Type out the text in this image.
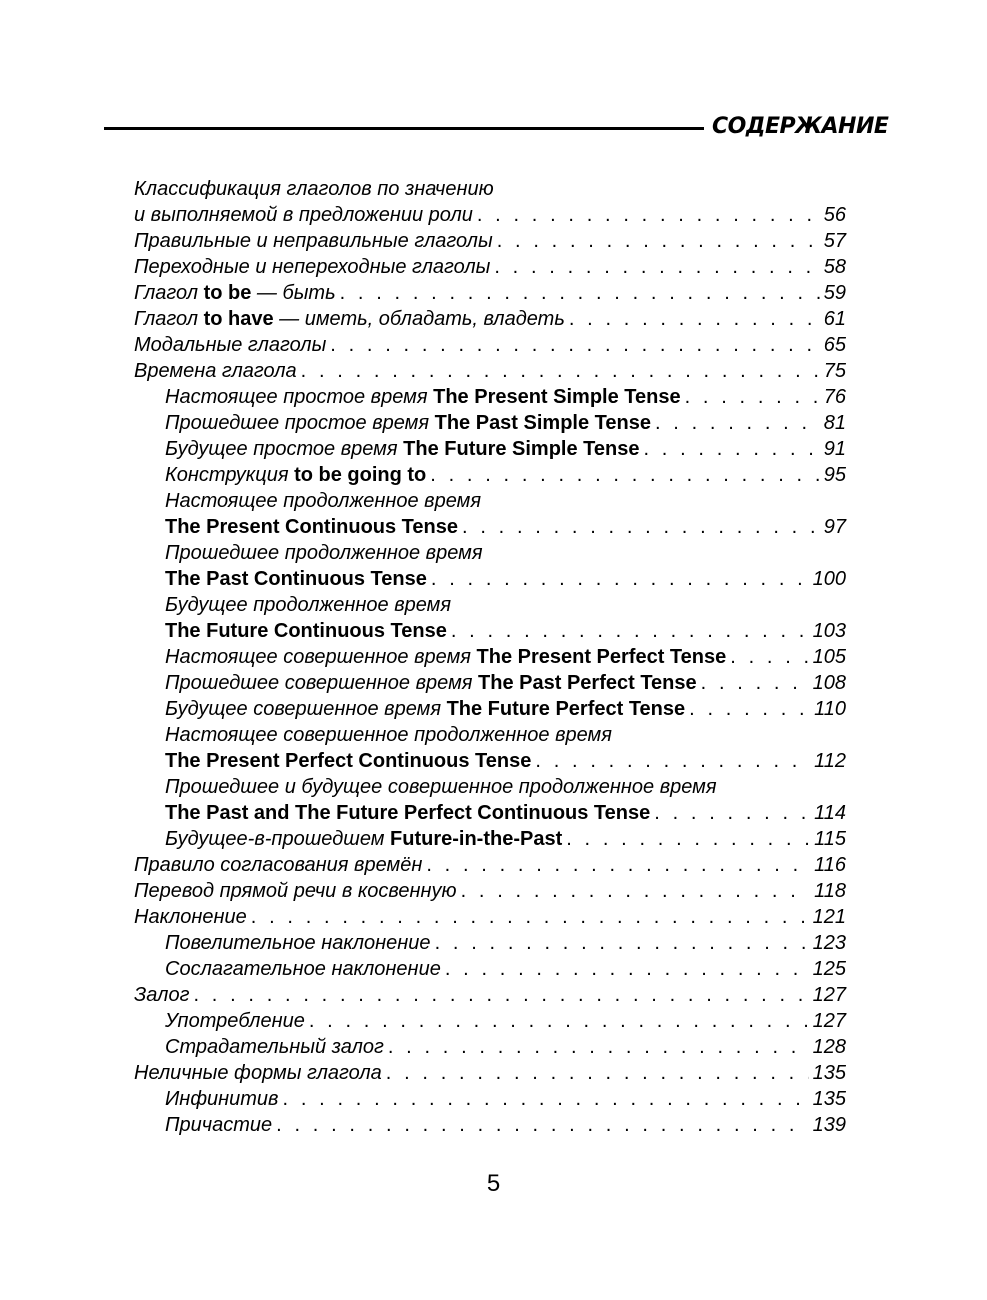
СОДЕРЖАНИЕ
Классификация глаголов по значению
и выполняемой в предложении роли . . .	56
Правильные и неправильные глаголы . . .	57
Переходные и непереходные глаголы . . .	58
Глагол to be — быть . . .	59
Глагол to have — иметь, обладать, владеть . . .	61
Модальные глаголы . . .	65
Времена глагола . . .	75
Настоящее простое время The Present Simple Tense . . .	76
Прошедшее простое время The Past Simple Tense . . .	81
Будущее простое время The Future Simple Tense . . .	91
Конструкция to be going to . . .	95
Настоящее продолженное время
The Present Continuous Tense . . .	97
Прошедшее продолженное время
The Past Continuous Tense . . .	100
Будущее продолженное время
The Future Continuous Tense . . .	103
Настоящее совершенное время The Present Perfect Tense . . .	105
Прошедшее совершенное время The Past Perfect Tense . . .	108
Будущее совершенное время The Future Perfect Tense . . .	110
Настоящее совершенное продолженное время
The Present Perfect Continuous Tense . . .	112
Прошедшее и будущее совершенное продолженное время
The Past and The Future Perfect Continuous Tense . . .	114
Будущее-в-прошедшем Future-in-the-Past . . .	115
Правило согласования времён . . .	116
Перевод прямой речи в косвенную . . .	118
Наклонение . . .	121
Повелительное наклонение . . .	123
Сослагательное наклонение . . .	125
Залог . . .	127
Употребление . . .	127
Страдательный залог . . .	128
Неличные формы глагола . . .	135
Инфинитив . . .	135
Причастие . . .	139
5
